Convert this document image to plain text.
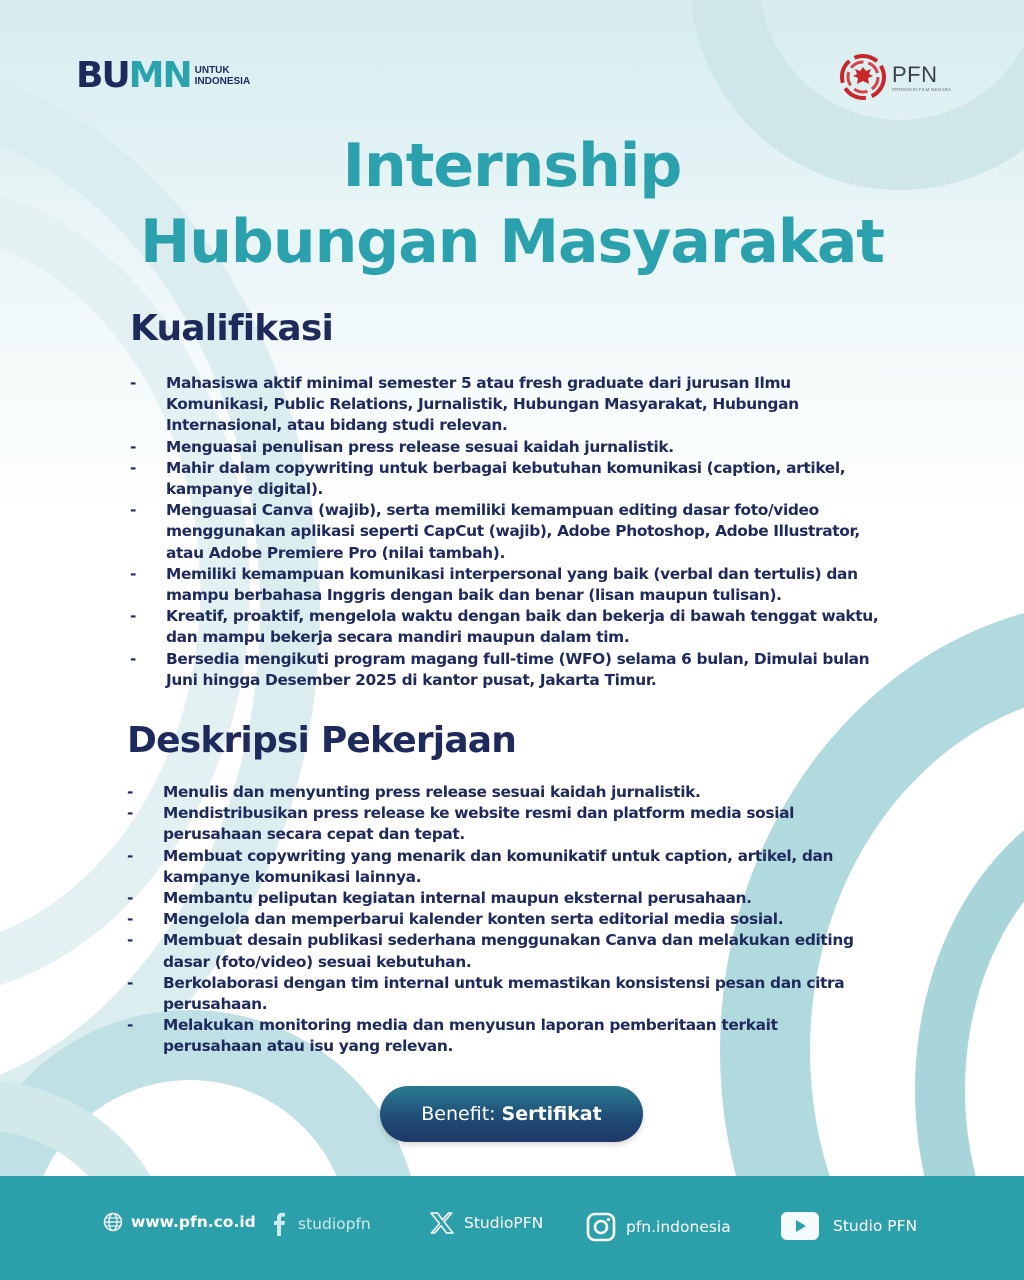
BUMN UNTUK
INDONESIA	PFN
PRODUKSI FILM NEGARA
Internship
Hubungan Masyarakat
Kualifikasi
-	Mahasiswa aktif minimal semester 5 atau fresh graduate dari jurusan Ilmu Komunikasi, Public Relations, Jurnalistik, Hubungan Masyarakat, Hubungan Internasional, atau bidang studi relevan.
-	Menguasai penulisan press release sesuai kaidah jurnalistik.
-	Mahir dalam copywriting untuk berbagai kebutuhan komunikasi (caption, artikel, kampanye digital).
-	Menguasai Canva (wajib), serta memiliki kemampuan editing dasar foto/video menggunakan aplikasi seperti CapCut (wajib), Adobe Photoshop, Adobe Illustrator, atau Adobe Premiere Pro (nilai tambah).
-	Memiliki kemampuan komunikasi interpersonal yang baik (verbal dan tertulis) dan mampu berbahasa Inggris dengan baik dan benar (lisan maupun tulisan).
-	Kreatif, proaktif, mengelola waktu dengan baik dan bekerja di bawah tenggat waktu, dan mampu bekerja secara mandiri maupun dalam tim.
-	Bersedia mengikuti program magang full-time (WFO) selama 6 bulan, Dimulai bulan Juni hingga Desember 2025 di kantor pusat, Jakarta Timur.
Deskripsi Pekerjaan
-	Menulis dan menyunting press release sesuai kaidah jurnalistik.
-	Mendistribusikan press release ke website resmi dan platform media sosial perusahaan secara cepat dan tepat.
-	Membuat copywriting yang menarik dan komunikatif untuk caption, artikel, dan kampanye komunikasi lainnya.
-	Membantu peliputan kegiatan internal maupun eksternal perusahaan.
-	Mengelola dan memperbarui kalender konten serta editorial media sosial.
-	Membuat desain publikasi sederhana menggunakan Canva dan melakukan editing dasar (foto/video) sesuai kebutuhan.
-	Berkolaborasi dengan tim internal untuk memastikan konsistensi pesan dan citra perusahaan.
-	Melakukan monitoring media dan menyusun laporan pemberitaan terkait perusahaan atau isu yang relevan.
Benefit: Sertifikat
www.pfn.co.id	studiopfn	StudioPFN	pfn.indonesia	Studio PFN
